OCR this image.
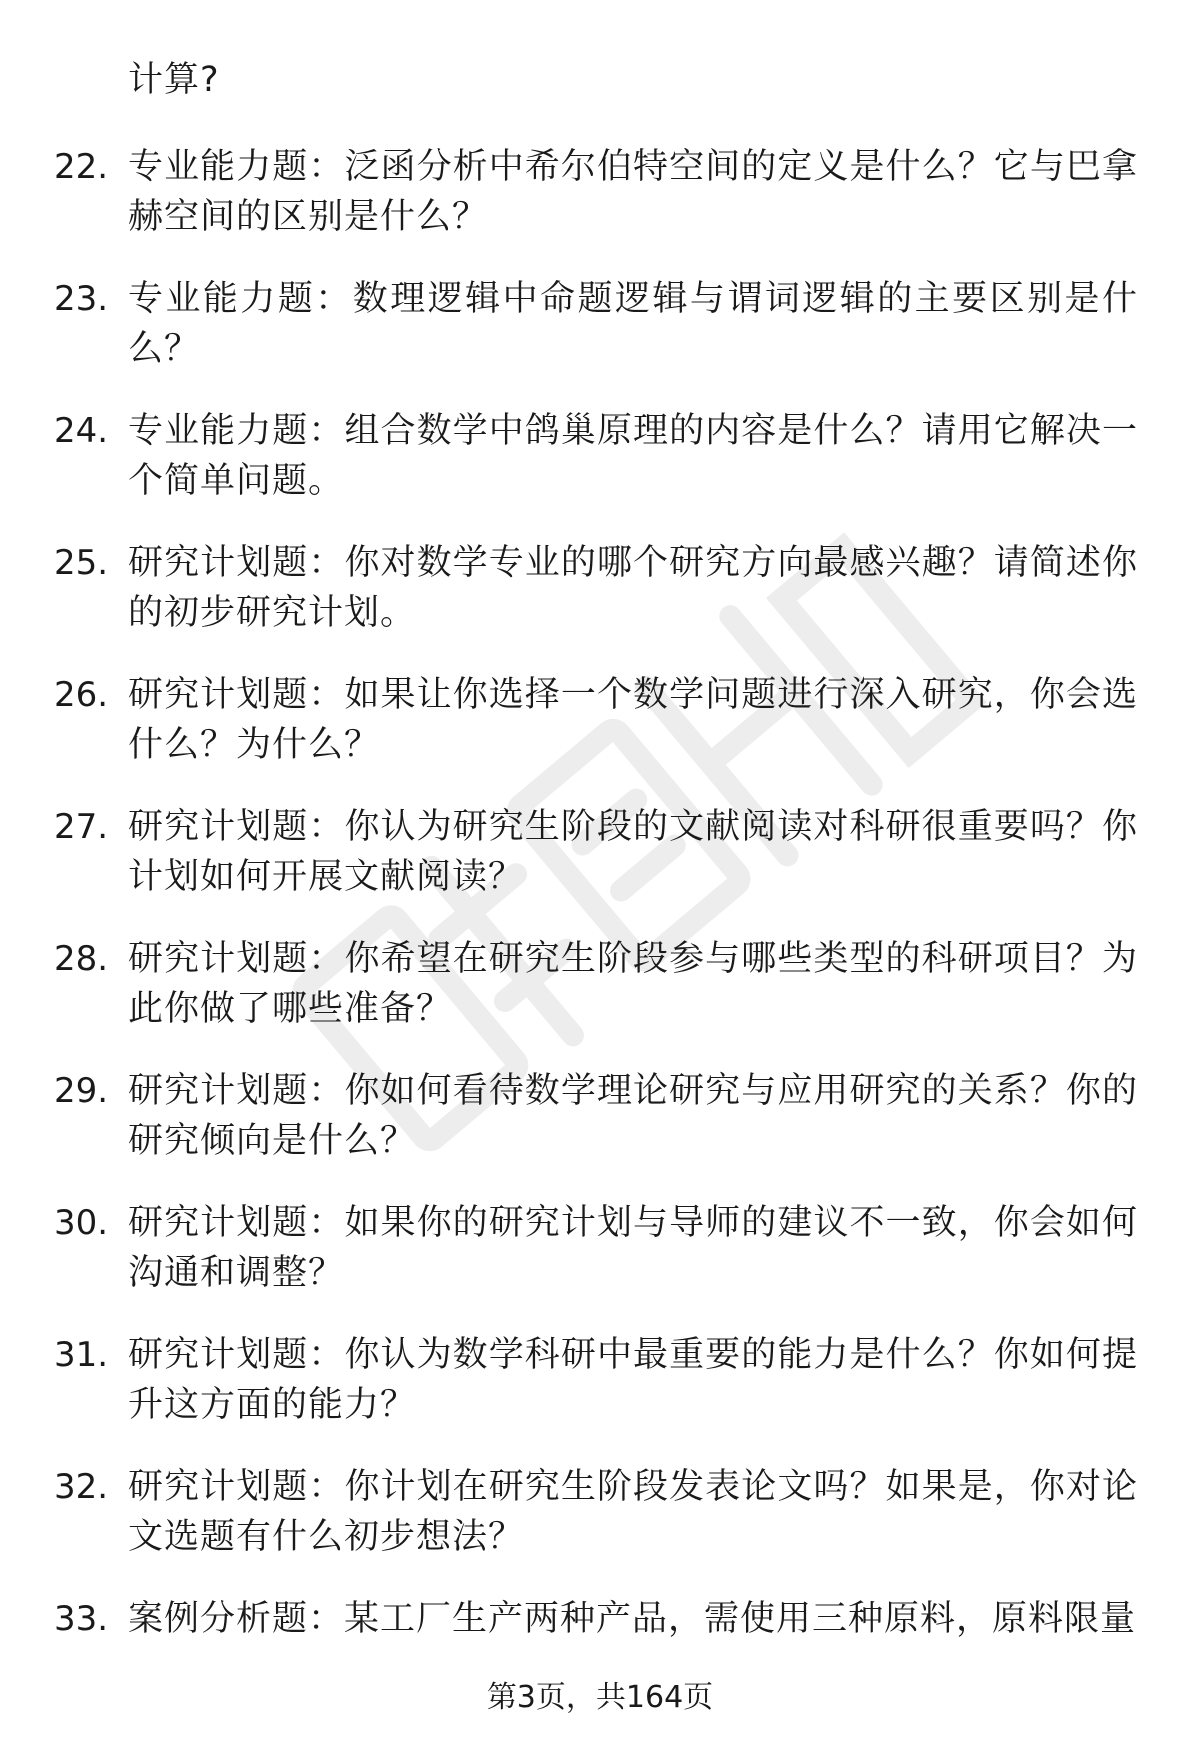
计算?
22. 专业能力题：泛函分析中希尔伯特空间的定义是什么？它与巴拿赫空间的区别是什么？
23. 专业能力题：数理逻辑中命题逻辑与谓词逻辑的主要区别是什么？
24. 专业能力题：组合数学中鸽巢原理的内容是什么？请用它解决一个简单问题。
25. 研究计划题：你对数学专业的哪个研究方向最感兴趣？请简述你的初步研究计划。
26. 研究计划题：如果让你选择一个数学问题进行深入研究，你会选什么？为什么？
27. 研究计划题：你认为研究生阶段的文献阅读对科研很重要吗？你计划如何开展文献阅读？
28. 研究计划题：你希望在研究生阶段参与哪些类型的科研项目？为此你做了哪些准备？
29. 研究计划题：你如何看待数学理论研究与应用研究的关系？你的研究倾向是什么？
30. 研究计划题：如果你的研究计划与导师的建议不一致，你会如何沟通和调整？
31. 研究计划题：你认为数学科研中最重要的能力是什么？你如何提升这方面的能力？
32. 研究计划题：你计划在研究生阶段发表论文吗？如果是，你对论文选题有什么初步想法？
33. 案例分析题：某工厂生产两种产品，需使用三种原料，原料限量
第3页，共164页
